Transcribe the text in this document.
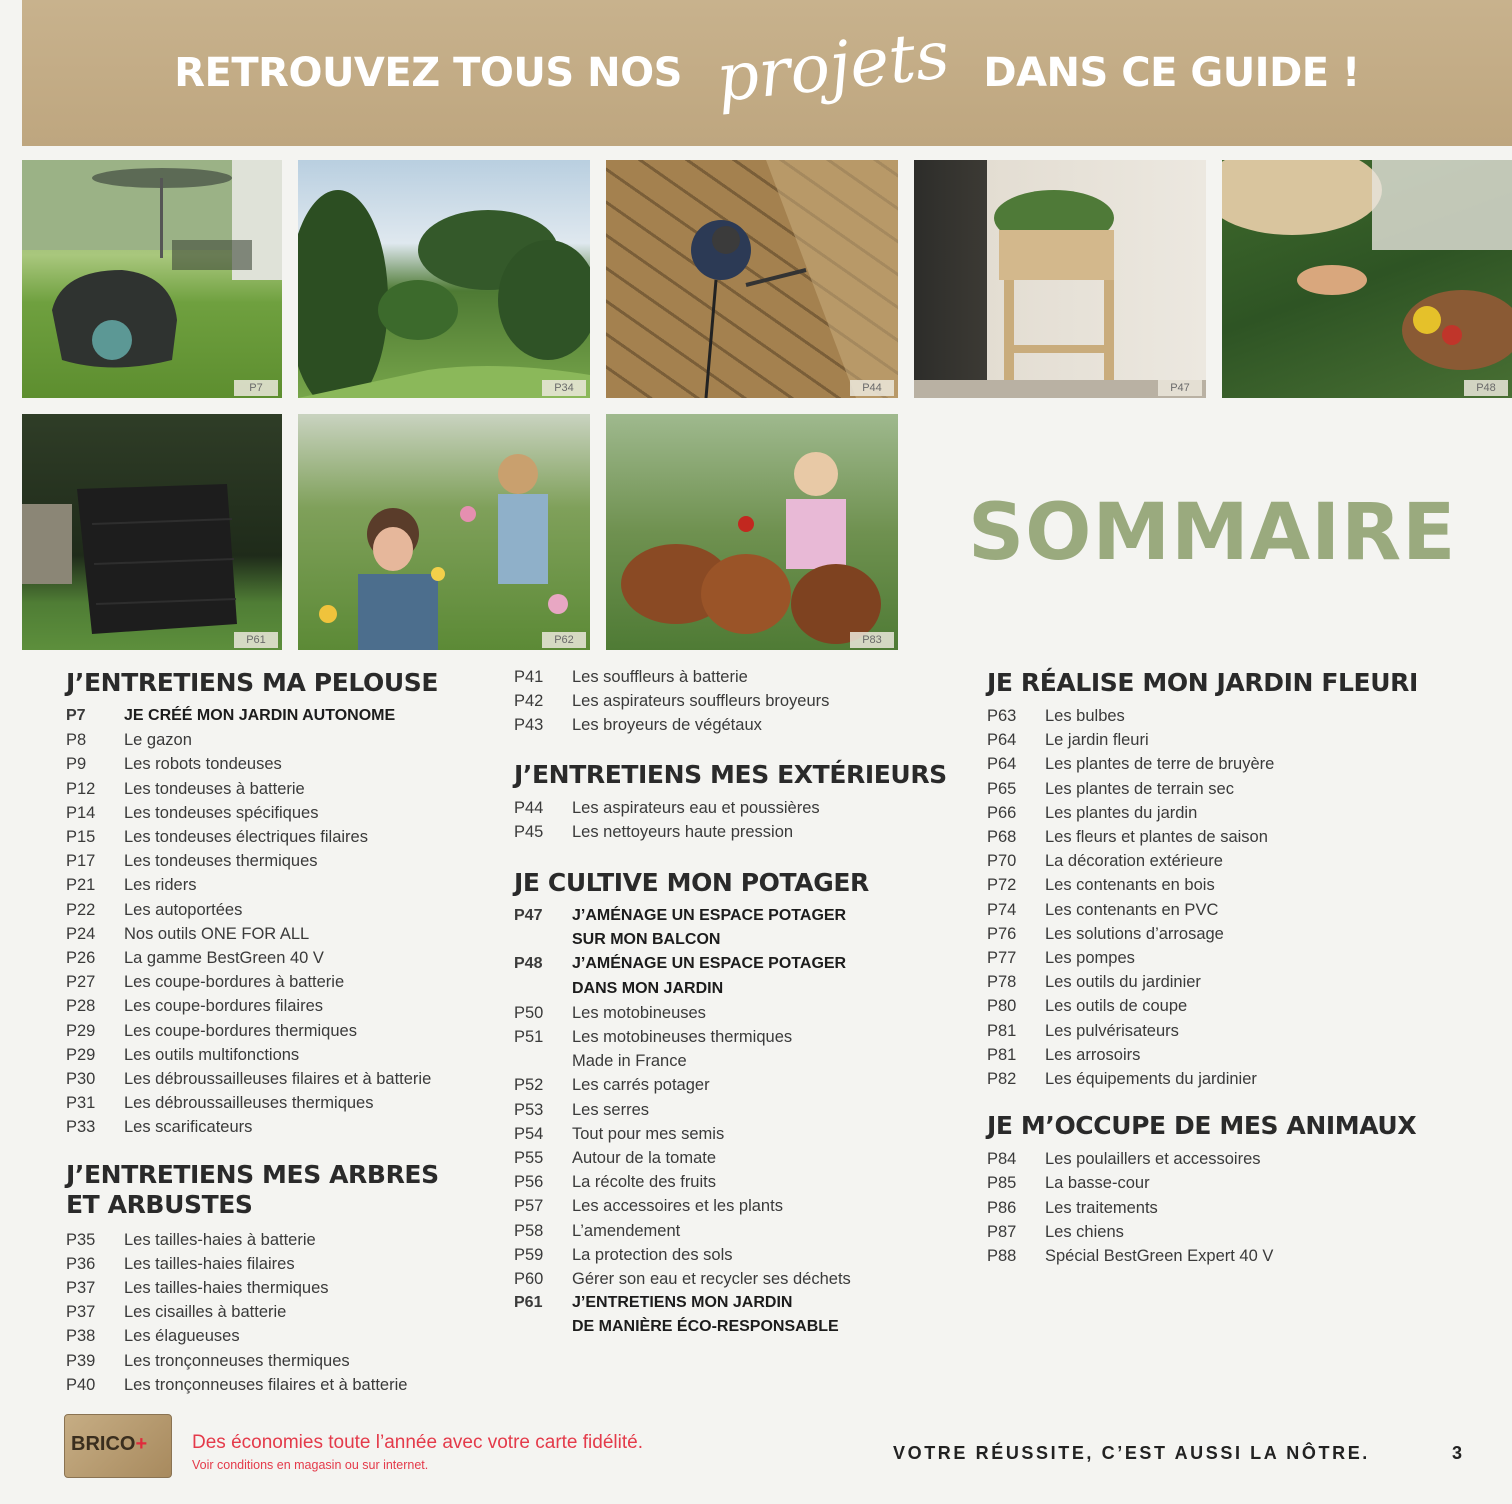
RETROUVEZ TOUS NOS projets DANS CE GUIDE !
P7	P34	P44	P47	P48
P61	P62	P83
SOMMAIRE
J’ENTRETIENS MA PELOUSE
P7	JE CRÉÉ MON JARDIN AUTONOME
P8	Le gazon
P9	Les robots tondeuses
P12	Les tondeuses à batterie
P14	Les tondeuses spécifiques
P15	Les tondeuses électriques filaires
P17	Les tondeuses thermiques
P21	Les riders
P22	Les autoportées
P24	Nos outils ONE FOR ALL
P26	La gamme BestGreen 40 V
P27	Les coupe-bordures à batterie
P28	Les coupe-bordures filaires
P29	Les coupe-bordures thermiques
P29	Les outils multifonctions
P30	Les débroussailleuses filaires et à batterie
P31	Les débroussailleuses thermiques
P33	Les scarificateurs
J’ENTRETIENS MES ARBRES
ET ARBUSTES
P35	Les tailles-haies à batterie
P36	Les tailles-haies filaires
P37	Les tailles-haies thermiques
P37	Les cisailles à batterie
P38	Les élagueuses
P39	Les tronçonneuses thermiques
P40	Les tronçonneuses filaires et à batterie
P41	Les souffleurs à batterie
P42	Les aspirateurs souffleurs broyeurs
P43	Les broyeurs de végétaux
J’ENTRETIENS MES EXTÉRIEURS
P44	Les aspirateurs eau et poussières
P45	Les nettoyeurs haute pression
JE CULTIVE MON POTAGER
P47	J’AMÉNAGE UN ESPACE POTAGER
SUR MON BALCON
P48	J’AMÉNAGE UN ESPACE POTAGER
DANS MON JARDIN
P50	Les motobineuses
P51	Les motobineuses thermiques
Made in France
P52	Les carrés potager
P53	Les serres
P54	Tout pour mes semis
P55	Autour de la tomate
P56	La récolte des fruits
P57	Les accessoires et les plants
P58	L’amendement
P59	La protection des sols
P60	Gérer son eau et recycler ses déchets
P61	J’ENTRETIENS MON JARDIN
DE MANIÈRE ÉCO-RESPONSABLE
JE RÉALISE MON JARDIN FLEURI
P63	Les bulbes
P64	Le jardin fleuri
P64	Les plantes de terre de bruyère
P65	Les plantes de terrain sec
P66	Les plantes du jardin
P68	Les fleurs et plantes de saison
P70	La décoration extérieure
P72	Les contenants en bois
P74	Les contenants en PVC
P76	Les solutions d’arrosage
P77	Les pompes
P78	Les outils du jardinier
P80	Les outils de coupe
P81	Les pulvérisateurs
P81	Les arrosoirs
P82	Les équipements du jardinier
JE M’OCCUPE DE MES ANIMAUX
P84	Les poulaillers et accessoires
P85	La basse-cour
P86	Les traitements
P87	Les chiens
P88	Spécial BestGreen Expert 40 V
BRICO+ Des économies toute l’année avec votre carte fidélité.
Voir conditions en magasin ou sur internet.
VOTRE RÉUSSITE, C’EST AUSSI LA NÔTRE.	3
